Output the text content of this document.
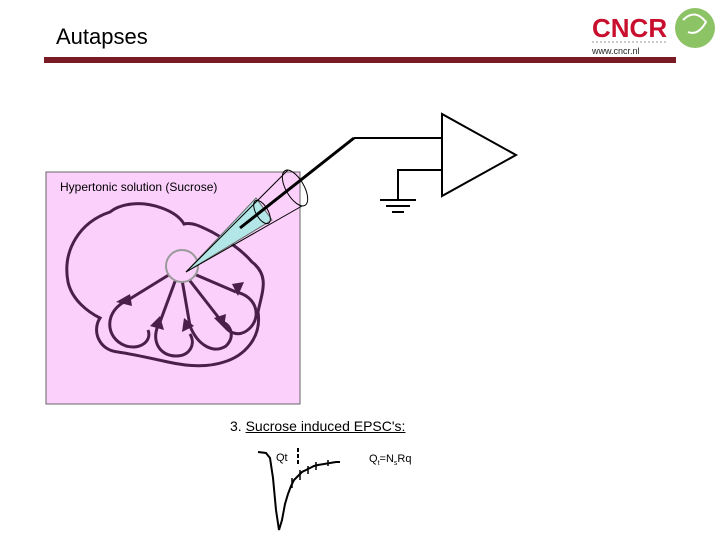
Autapses	CNCR
www.cncr.nl
Hypertonic solution (Sucrose)
3. Sucrose induced EPSC's:
Qt	$Q_t=N_sRq$
